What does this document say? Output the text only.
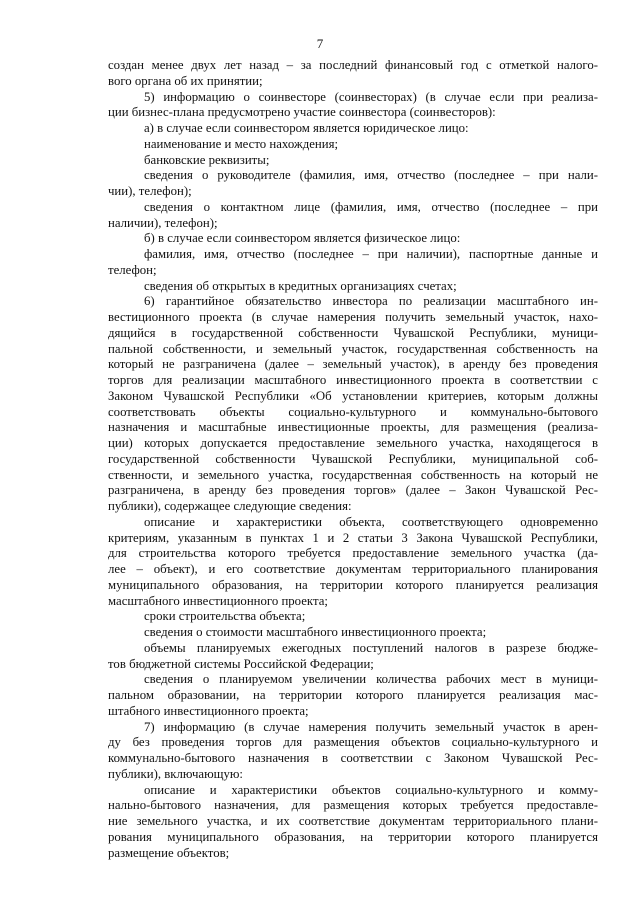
7
создан менее двух лет назад – за последний финансовый год с отметкой налого-
вого органа об их принятии;
5) информацию о соинвесторе (соинвесторах) (в случае если при реализа-
ции бизнес-плана предусмотрено участие соинвестора (соинвесторов):
а) в случае если соинвестором является юридическое лицо:
наименование и место нахождения;
банковские реквизиты;
сведения о руководителе (фамилия, имя, отчество (последнее – при нали-
чии), телефон);
сведения о контактном лице (фамилия, имя, отчество (последнее – при
наличии), телефон);
б) в случае если соинвестором является физическое лицо:
фамилия, имя, отчество (последнее – при наличии), паспортные данные и
телефон;
сведения об открытых в кредитных организациях счетах;
6) гарантийное обязательство инвестора по реализации масштабного ин-
вестиционного проекта (в случае намерения получить земельный участок, нахо-
дящийся в государственной собственности Чувашской Республики, муници-
пальной собственности, и земельный участок, государственная собственность на
который не разграничена (далее – земельный участок), в аренду без проведения
торгов для реализации масштабного инвестиционного проекта в соответствии с
Законом Чувашской Республики «Об установлении критериев, которым должны
соответствовать объекты социально-культурного и коммунально-бытового
назначения и масштабные инвестиционные проекты, для размещения (реализа-
ции) которых допускается предоставление земельного участка, находящегося в
государственной собственности Чувашской Республики, муниципальной соб-
ственности, и земельного участка, государственная собственность на который не
разграничена, в аренду без проведения торгов» (далее – Закон Чувашской Рес-
публики), содержащее следующие сведения:
описание и характеристики объекта, соответствующего одновременно
критериям, указанным в пунктах 1 и 2 статьи 3 Закона Чувашской Республики,
для строительства которого требуется предоставление земельного участка (да-
лее – объект), и его соответствие документам территориального планирования
муниципального образования, на территории которого планируется реализация
масштабного инвестиционного проекта;
сроки строительства объекта;
сведения о стоимости масштабного инвестиционного проекта;
объемы планируемых ежегодных поступлений налогов в разрезе бюдже-
тов бюджетной системы Российской Федерации;
сведения о планируемом увеличении количества рабочих мест в муници-
пальном образовании, на территории которого планируется реализация мас-
штабного инвестиционного проекта;
7) информацию (в случае намерения получить земельный участок в арен-
ду без проведения торгов для размещения объектов социально-культурного и
коммунально-бытового назначения в соответствии с Законом Чувашской Рес-
публики), включающую:
описание и характеристики объектов социально-культурного и комму-
нально-бытового назначения, для размещения которых требуется предоставле-
ние земельного участка, и их соответствие документам территориального плани-
рования муниципального образования, на территории которого планируется
размещение объектов;
